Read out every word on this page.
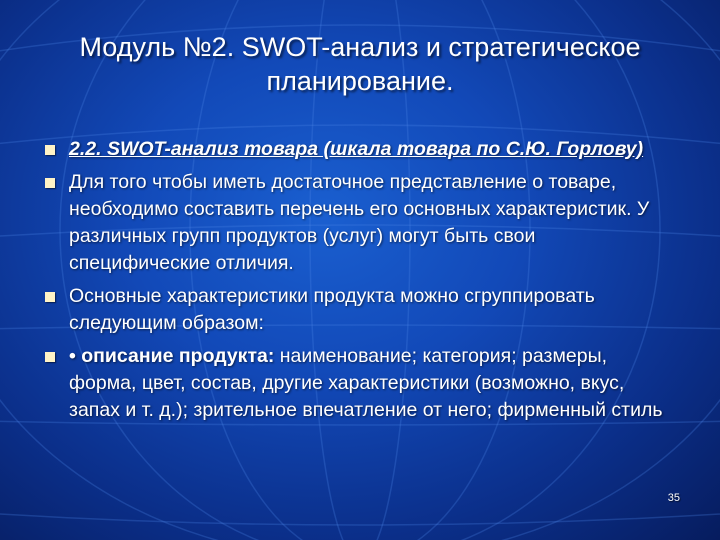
Модуль №2. SWOT-анализ и стратегическое
планирование.
2.2. SWOT-анализ товара (шкала товара по С.Ю. Горлову)
Для того чтобы иметь достаточное представление о товаре, необходимо составить перечень его основных характеристик. У различных групп продуктов (услуг) могут быть свои специфические отличия.
Основные характеристики продукта можно сгруппировать следующим образом:
• описание продукта: наименование; категория; размеры, форма, цвет, состав, другие характеристики (возможно, вкус, запах и т. д.); зрительное впечатление от него; фирменный стиль
35
